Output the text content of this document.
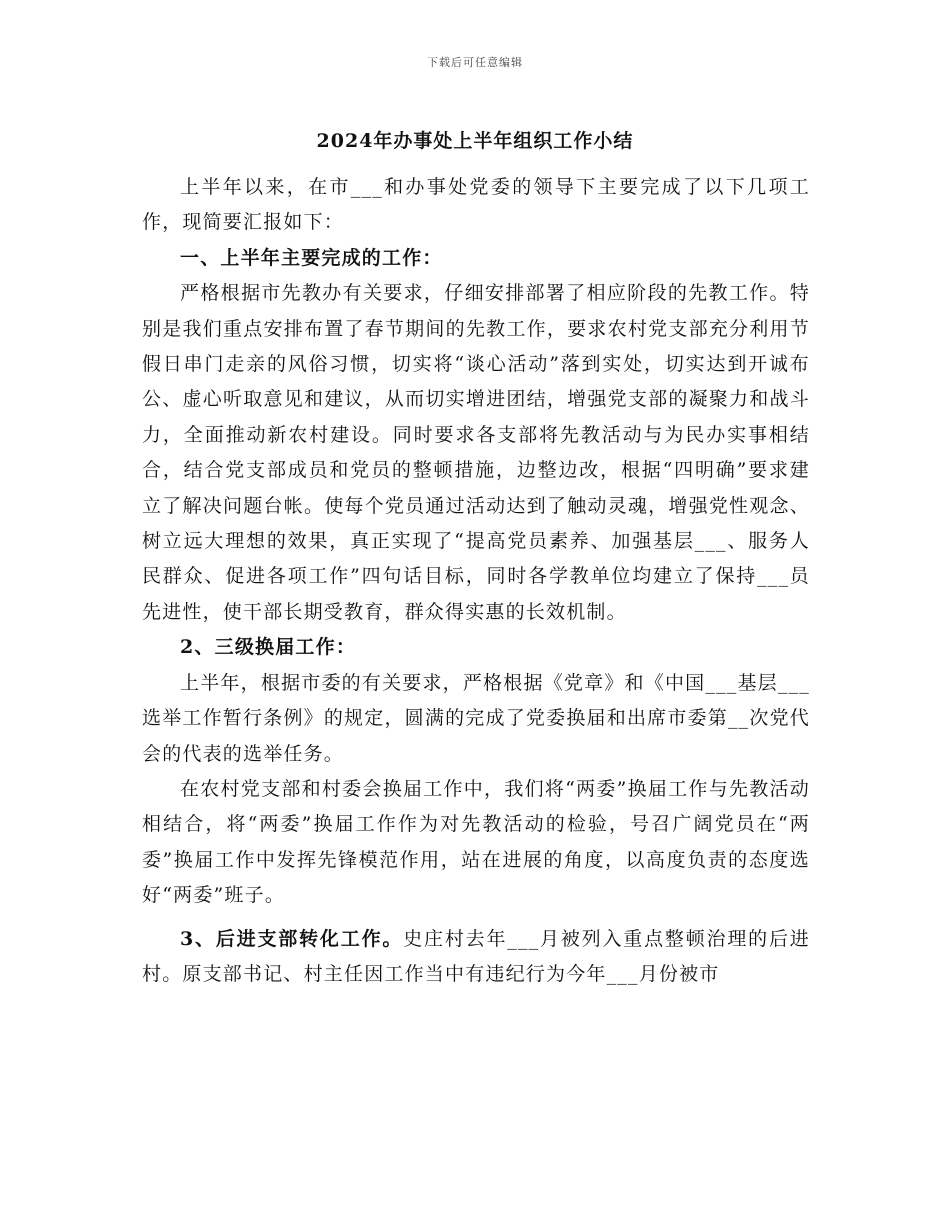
下载后可任意编辑
2024年办事处上半年组织工作小结

上半年以来，在市___和办事处党委的领导下主要完成了以下几项工作，现简要汇报如下：

一、上半年主要完成的工作：

严格根据市先教办有关要求，仔细安排部署了相应阶段的先教工作。特别是我们重点安排布置了春节期间的先教工作，要求农村党支部充分利用节假日串门走亲的风俗习惯，切实将“谈心活动”落到实处，切实达到开诚布公、虚心听取意见和建议，从而切实增进团结，增强党支部的凝聚力和战斗力，全面推动新农村建设。同时要求各支部将先教活动与为民办实事相结合，结合党支部成员和党员的整顿措施，边整边改，根据“四明确”要求建立了解决问题台帐。使每个党员通过活动达到了触动灵魂，增强党性观念、树立远大理想的效果，真正实现了“提高党员素养、加强基层___、服务人民群众、促进各项工作”四句话目标，同时各学教单位均建立了保持___员先进性，使干部长期受教育，群众得实惠的长效机制。

2、三级换届工作：

上半年，根据市委的有关要求，严格根据《党章》和《中国___基层___选举工作暂行条例》的规定，圆满的完成了党委换届和出席市委第__次党代会的代表的选举任务。

在农村党支部和村委会换届工作中，我们将“两委”换届工作与先教活动相结合，将“两委”换届工作作为对先教活动的检验，号召广阔党员在“两委”换届工作中发挥先锋模范作用，站在进展的角度，以高度负责的态度选好“两委”班子。

3、后进支部转化工作。史庄村去年___月被列入重点整顿治理的后进村。原支部书记、村主任因工作当中有违纪行为今年___月份被市
